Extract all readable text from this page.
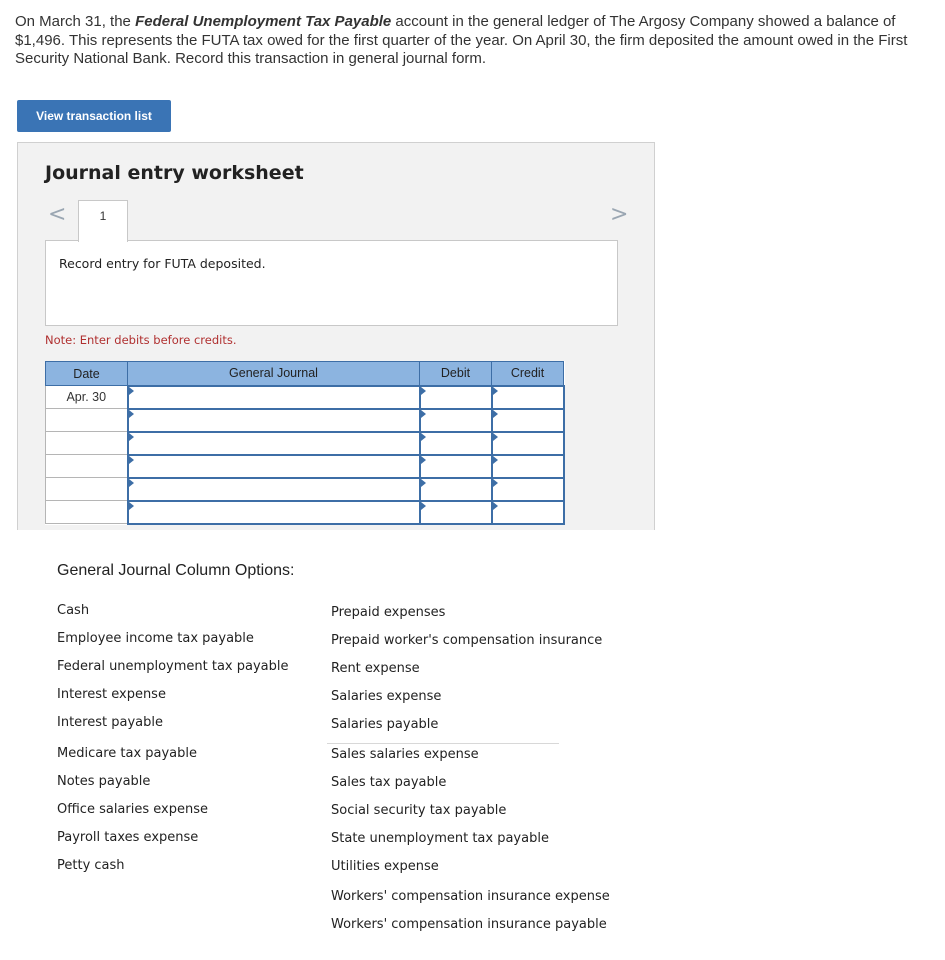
On March 31, the Federal Unemployment Tax Payable account in the general ledger of The Argosy Company showed a balance of $1,496. This represents the FUTA tax owed for the first quarter of the year. On April 30, the firm deposited the amount owed in the First Security National Bank. Record this transaction in general journal form.
View transaction list
Journal entry worksheet
<	1	>
Record entry for FUTA deposited.
Note: Enter debits before credits.
Date	General Journal	Debit	Credit
Apr. 30			

General Journal Column Options:
Cash
Employee income tax payable
Federal unemployment tax payable
Interest expense
Interest payable
Medicare tax payable
Notes payable
Office salaries expense
Payroll taxes expense
Petty cash
Prepaid expenses
Prepaid worker's compensation insurance
Rent expense
Salaries expense
Salaries payable
Sales salaries expense
Sales tax payable
Social security tax payable
State unemployment tax payable
Utilities expense
Workers' compensation insurance expense
Workers' compensation insurance payable
